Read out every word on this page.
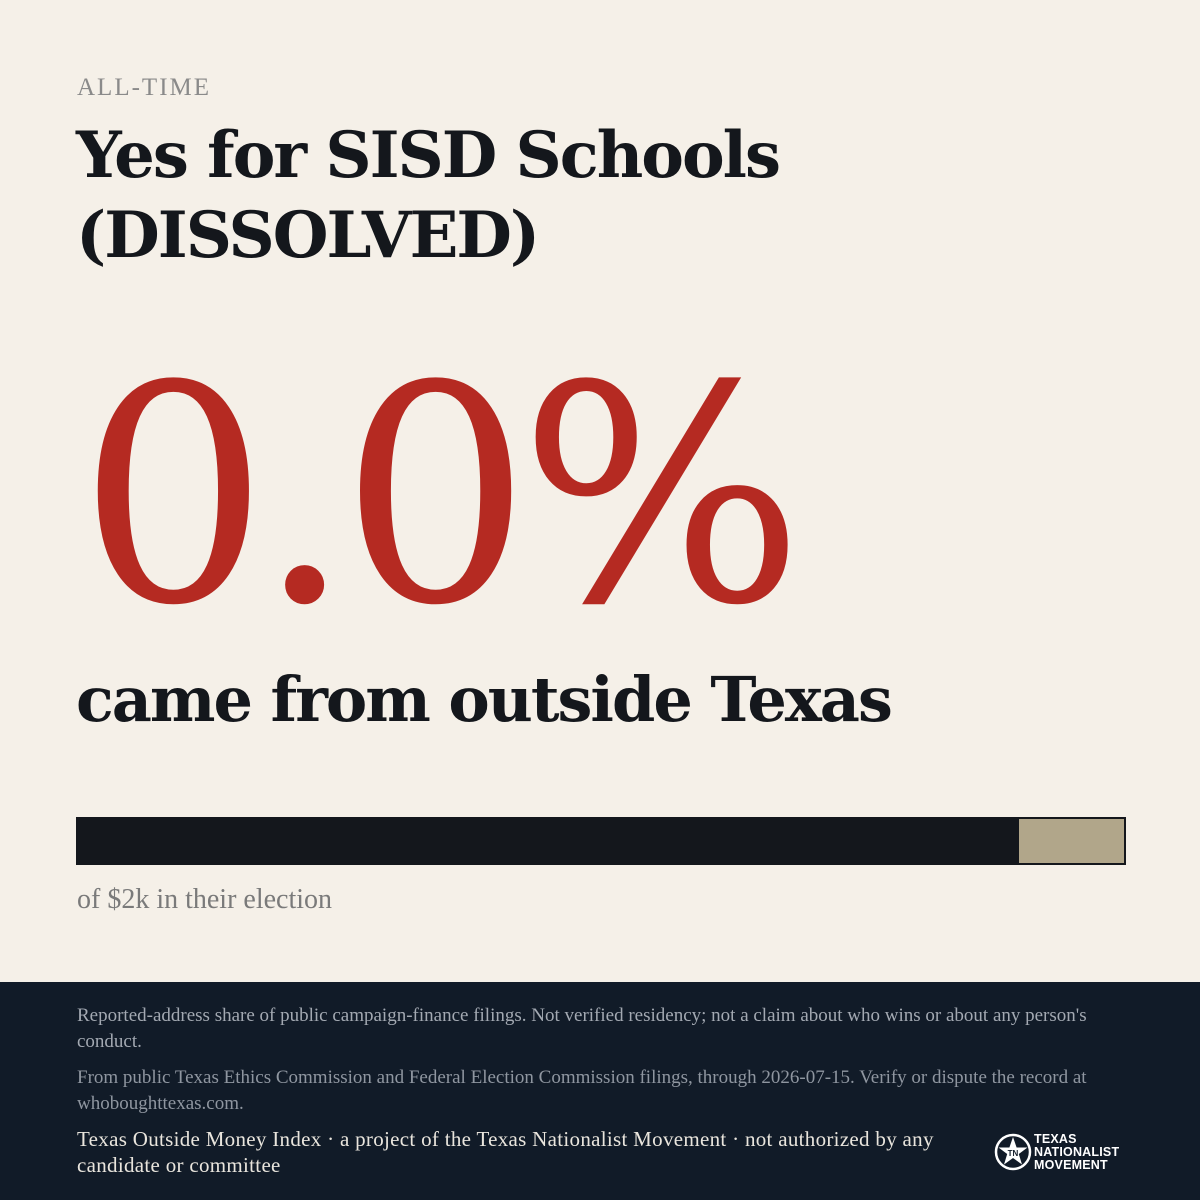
ALL-TIME
Yes for SISD Schools
(DISSOLVED)
0.0%
came from outside Texas
of $2k in their election
Reported-address share of public campaign-finance filings. Not verified residency; not a claim about who wins or about any person's conduct.
From public Texas Ethics Commission and Federal Election Commission filings, through 2026-07-15. Verify or dispute the record at whoboughttexas.com.
Texas Outside Money Index · a project of the Texas Nationalist Movement · not authorized by any candidate or committee	TN
TEXAS
NATIONALIST
MOVEMENT
